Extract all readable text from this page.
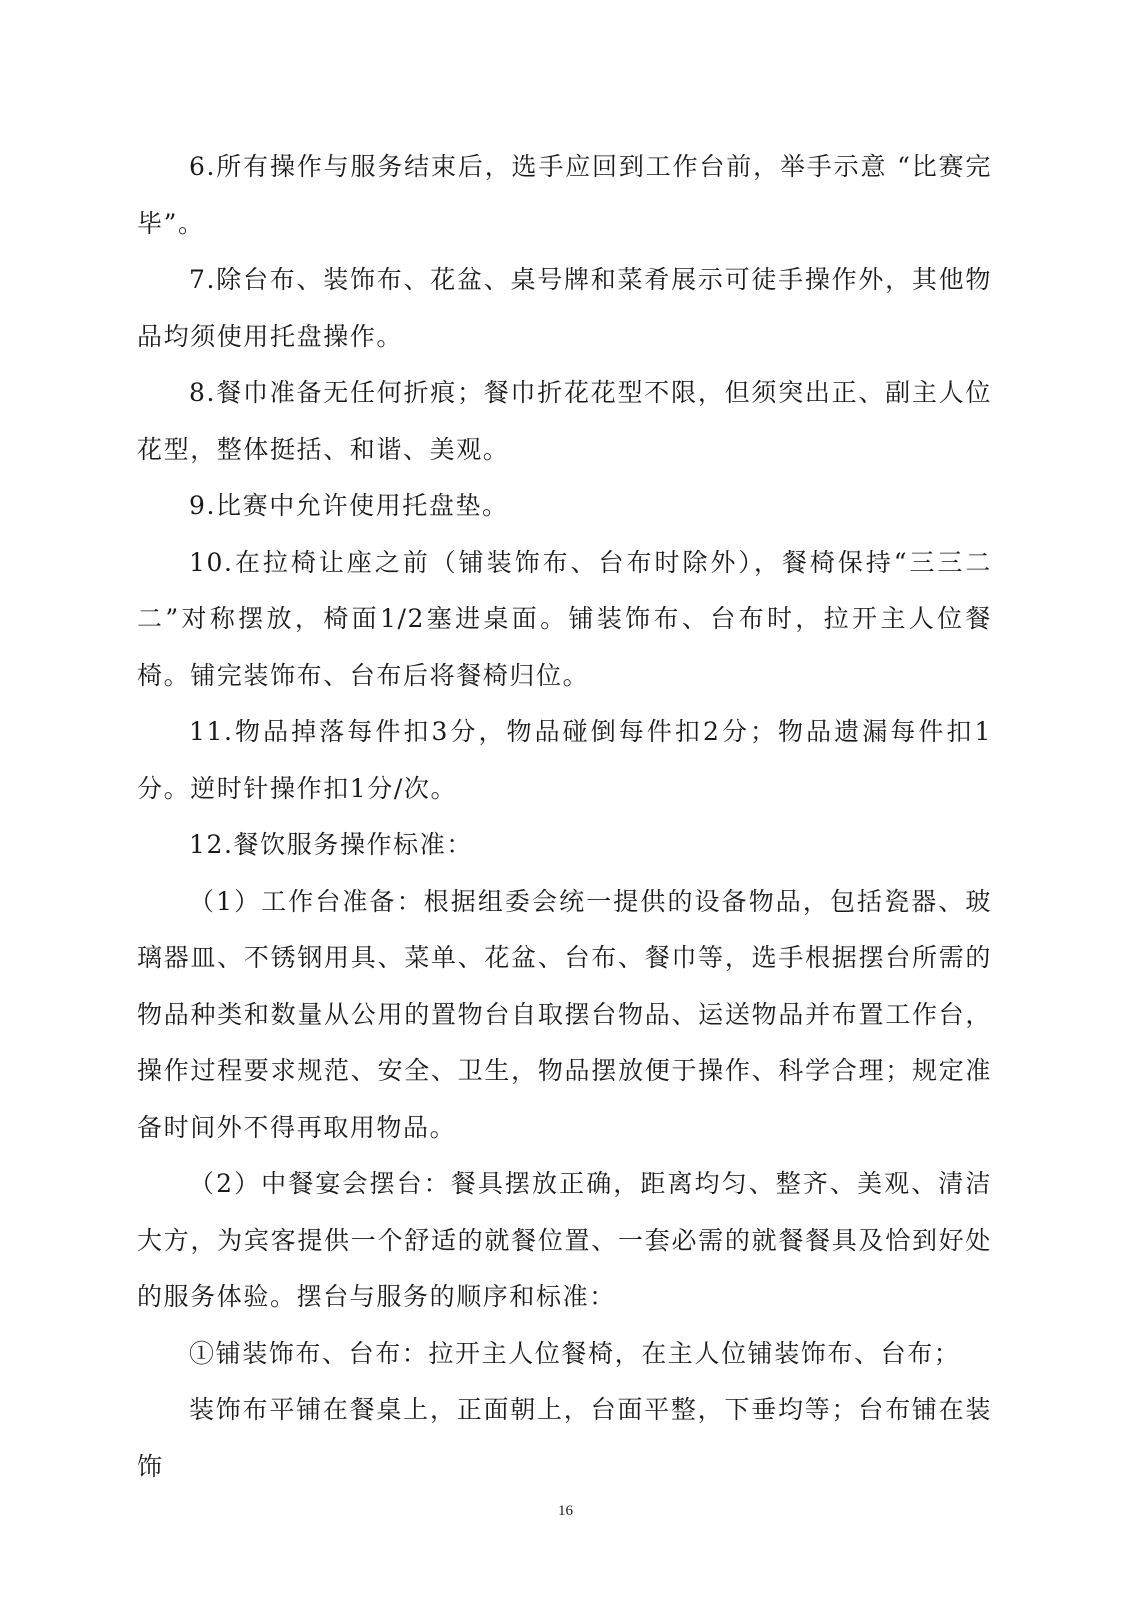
6.所有操作与服务结束后，选手应回到工作台前，举手示意 “比赛完毕”。

7.除台布、装饰布、花盆、桌号牌和菜肴展示可徒手操作外，其他物品均须使用托盘操作。

8.餐巾准备无任何折痕；餐巾折花花型不限，但须突出正、副主人位花型，整体挺括、和谐、美观。

9.比赛中允许使用托盘垫。

10.在拉椅让座之前（铺装饰布、台布时除外），餐椅保持“三三二二”对称摆放，椅面1/2塞进桌面。铺装饰布、台布时，拉开主人位餐椅。铺完装饰布、台布后将餐椅归位。

11.物品掉落每件扣3分，物品碰倒每件扣2分；物品遗漏每件扣1分。逆时针操作扣1分/次。

12.餐饮服务操作标准：

（1）工作台准备：根据组委会统一提供的设备物品，包括瓷器、玻璃器皿、不锈钢用具、菜单、花盆、台布、餐巾等，选手根据摆台所需的物品种类和数量从公用的置物台自取摆台物品、运送物品并布置工作台，操作过程要求规范、安全、卫生，物品摆放便于操作、科学合理；规定准备时间外不得再取用物品。

（2）中餐宴会摆台：餐具摆放正确，距离均匀、整齐、美观、清洁大方，为宾客提供一个舒适的就餐位置、一套必需的就餐餐具及恰到好处的服务体验。摆台与服务的顺序和标准：

①铺装饰布、台布：拉开主人位餐椅，在主人位铺装饰布、台布；

装饰布平铺在餐桌上，正面朝上，台面平整，下垂均等；台布铺在装饰

16
